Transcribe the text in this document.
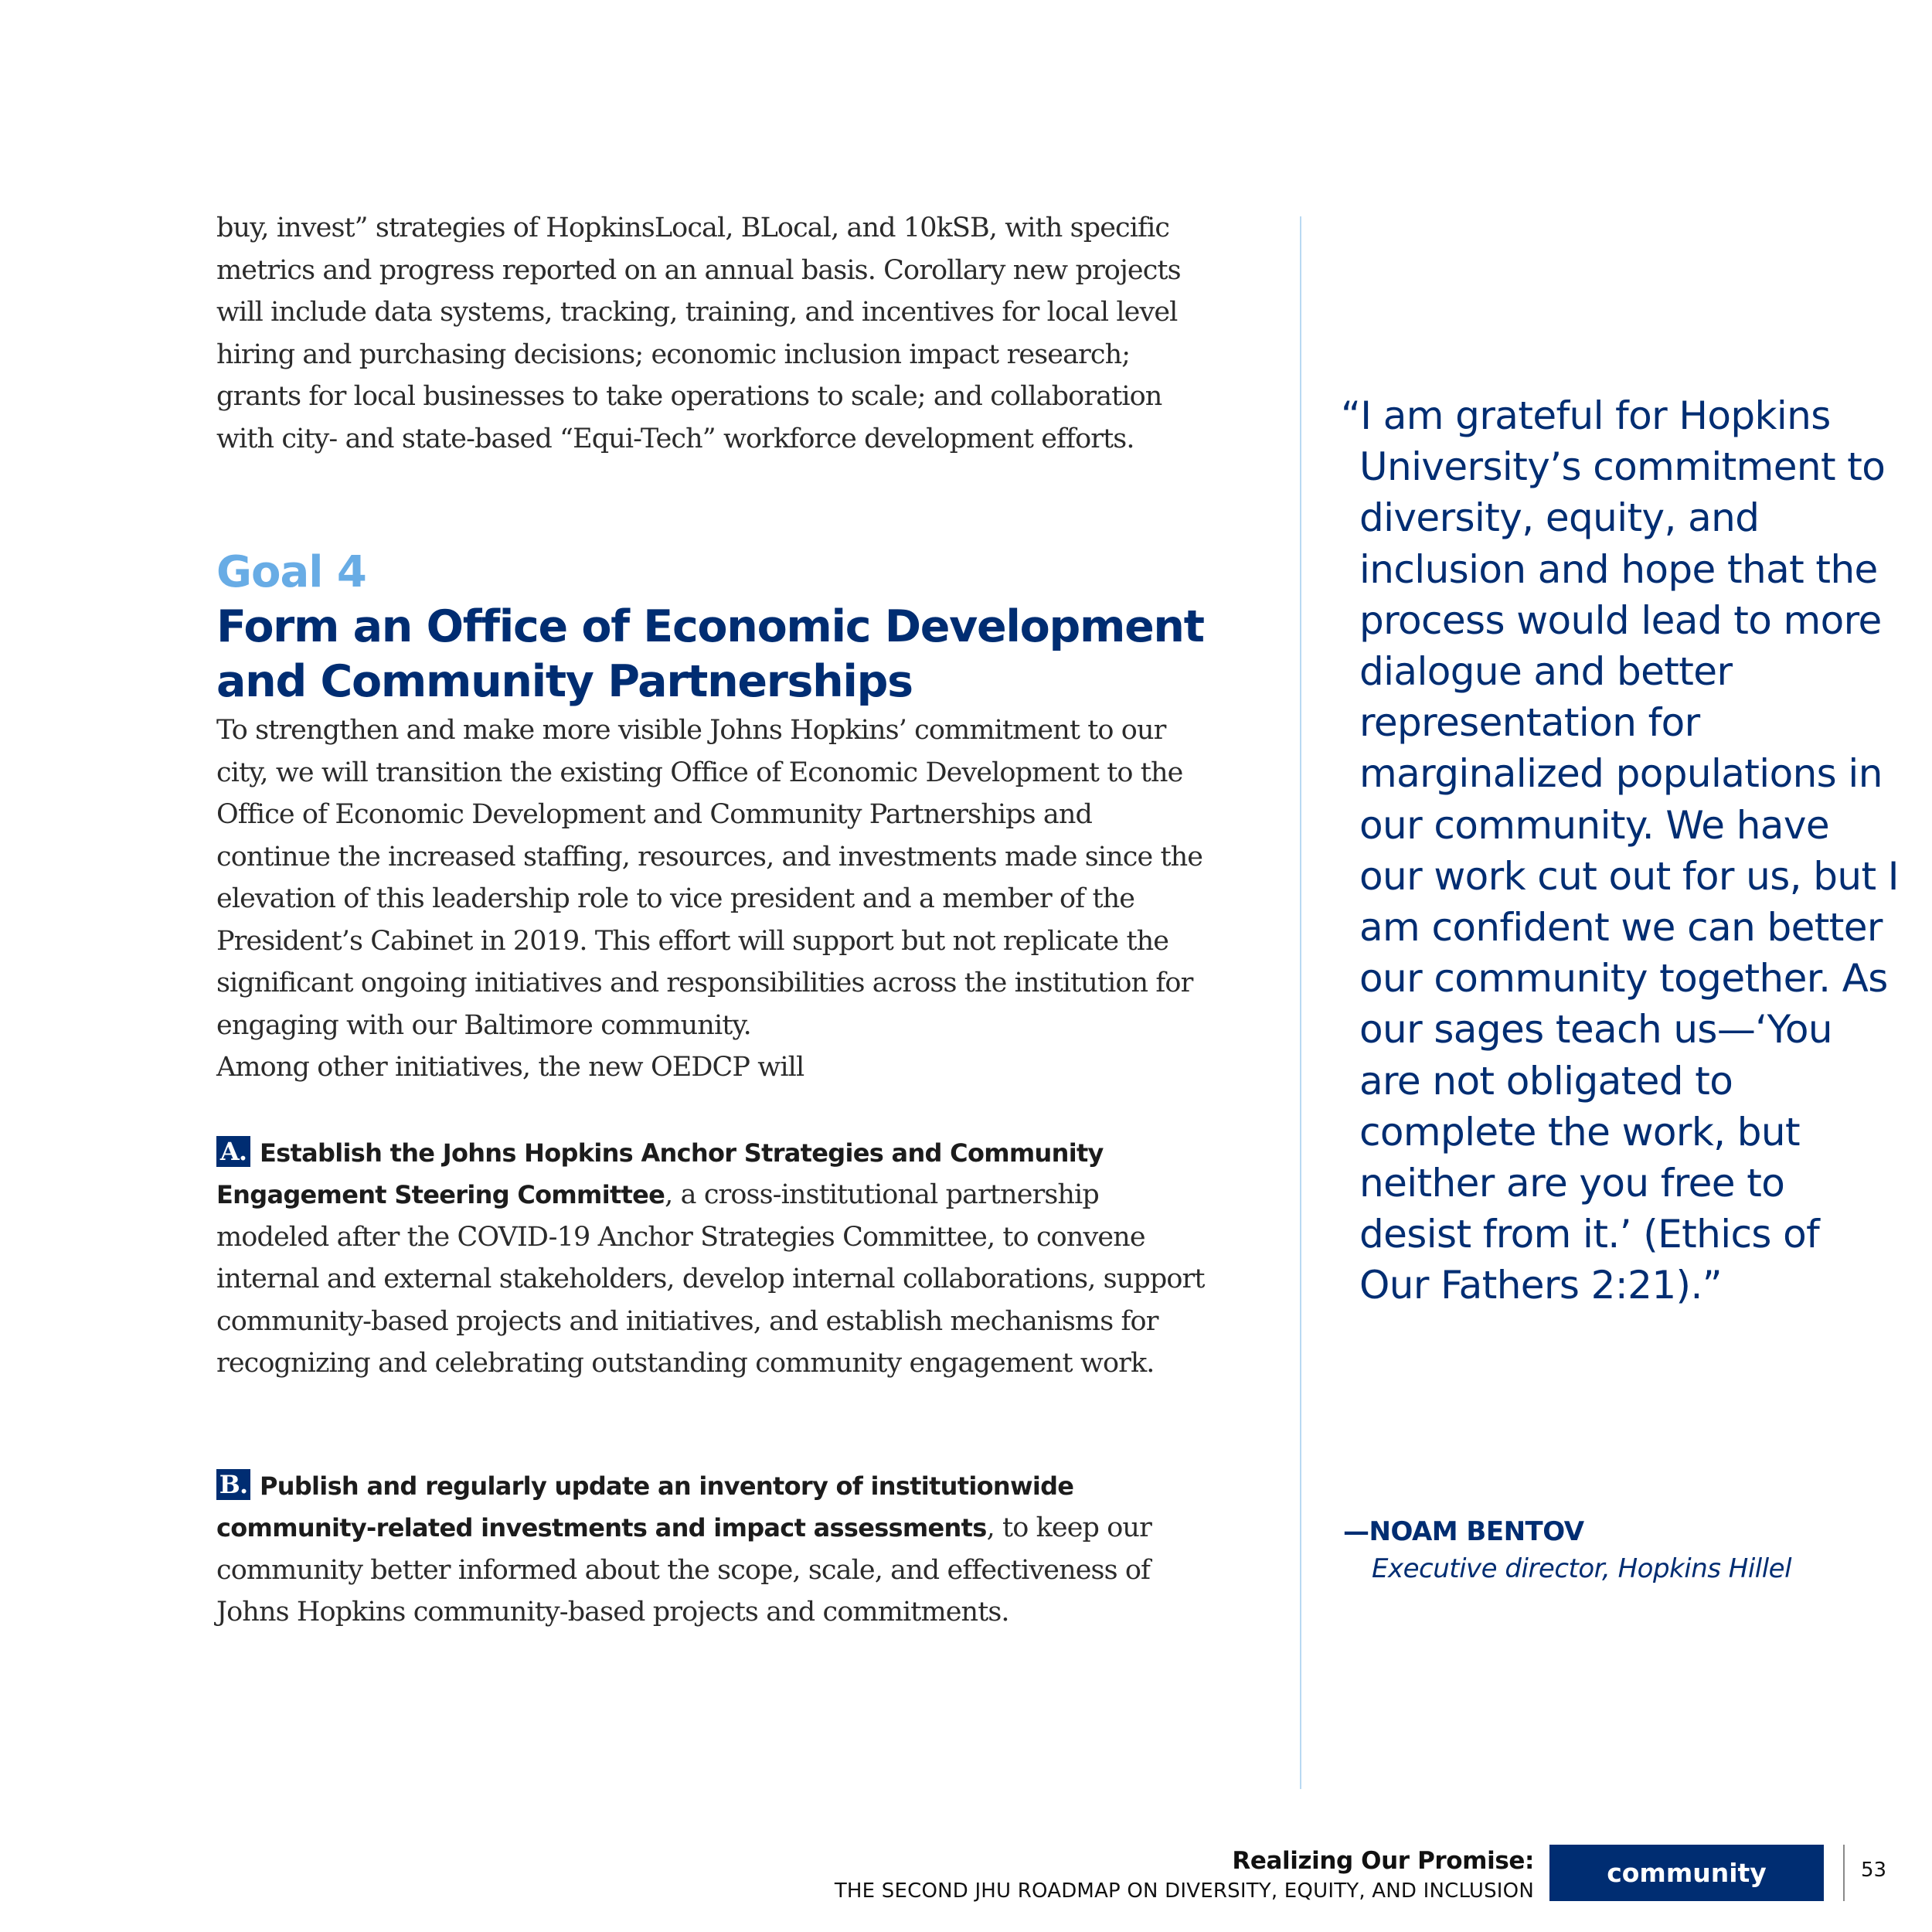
buy, invest” strategies of HopkinsLocal, BLocal, and 10kSB, with specific metrics and progress reported on an annual basis. Corollary new projects will include data systems, tracking, training, and incentives for local level hiring and purchasing decisions; economic inclusion impact research; grants for local businesses to take operations to scale; and collaboration with city- and state-based “Equi-Tech” workforce development efforts.

Goal 4

Form an Office of Economic Development and Community Partnerships

To strengthen and make more visible Johns Hopkins’ commitment to our city, we will transition the existing Office of Economic Development to the Office of Economic Development and Community Partnerships and continue the increased staffing, resources, and investments made since the elevation of this leadership role to vice president and a member of the President’s Cabinet in 2019. This effort will support but not replicate the significant ongoing initiatives and responsibilities across the institution for engaging with our Baltimore community.

Among other initiatives, the new OEDCP will

A. Establish the Johns Hopkins Anchor Strategies and Community Engagement Steering Committee, a cross-institutional partnership modeled after the COVID-19 Anchor Strategies Committee, to convene internal and external stakeholders, develop internal collaborations, support community-based projects and initiatives, and establish mechanisms for recognizing and celebrating outstanding community engagement work.

B. Publish and regularly update an inventory of institutionwide community-related investments and impact assessments, to keep our community better informed about the scope, scale, and effectiveness of Johns Hopkins community-based projects and commitments.

“I am grateful for Hopkins University’s commitment to diversity, equity, and inclusion and hope that the process would lead to more dialogue and better representation for marginalized populations in our community. We have our work cut out for us, but I am confident we can better our community together. As our sages teach us—‘You are not obligated to complete the work, but neither are you free to desist from it.’ (Ethics of Our Fathers 2:21).”

—NOAM BENTOV

Executive director, Hopkins Hillel

Realizing Our Promise:

THE SECOND JHU ROADMAP ON DIVERSITY, EQUITY, AND INCLUSION

community	53
